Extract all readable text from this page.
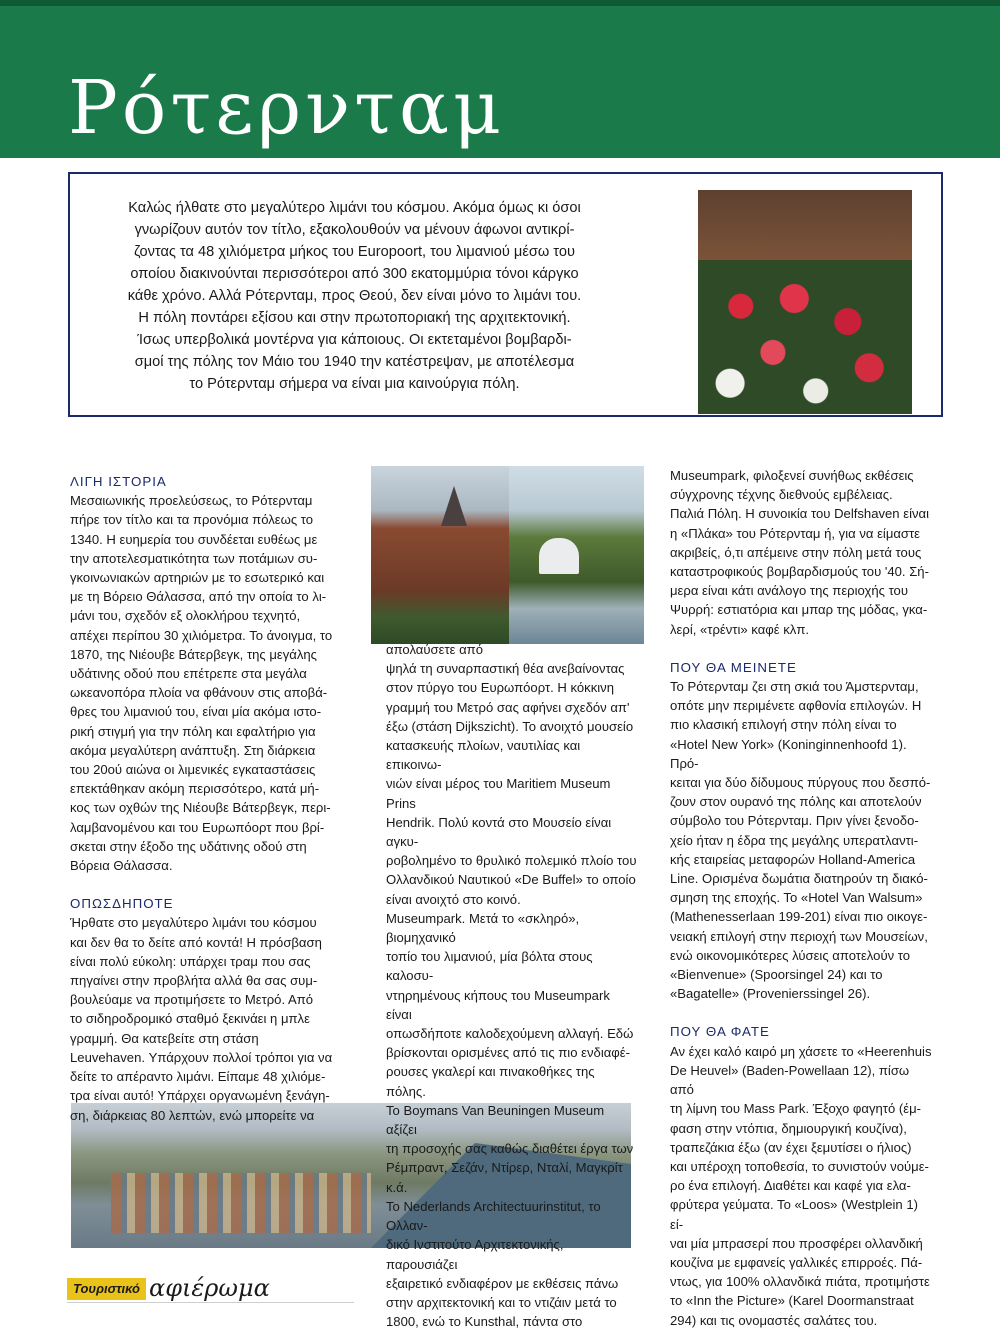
Ρότερνταμ
Καλώς ήλθατε στο μεγαλύτερο λιμάνι του κόσμου. Ακόμα όμως κι όσοι
γνωρίζουν αυτόν τον τίτλο, εξακολουθούν να μένουν άφωνοι αντικρί-
ζοντας τα 48 χιλιόμετρα μήκος του Europoort, του λιμανιού μέσω του
οποίου διακινούνται περισσότεροι από 300 εκατομμύρια τόνοι κάργκο
κάθε χρόνο. Αλλά Ρότερνταμ, προς Θεού, δεν είναι μόνο το λιμάνι του.
Η πόλη ποντάρει εξίσου και στην πρωτοποριακή της αρχιτεκτονική.
Ίσως υπερβολικά μοντέρνα για κάποιους. Οι εκτεταμένοι βομβαρδι-
σμοί της πόλης τον Μάιο του 1940 την κατέστρεψαν, με αποτέλεσμα
το Ρότερνταμ σήμερα να είναι μια καινούργια πόλη.

ΛΙΓΗ ΙΣΤΟΡΙΑ

Μεσαιωνικής προελεύσεως, το Ρότερνταμ

πήρε τον τίτλο και τα προνόμια πόλεως το

1340. Η ευημερία του συνδέεται ευθέως με

την αποτελεσματικότητα των ποτάμιων συ-

γκοινωνιακών αρτηριών με το εσωτερικό και

με τη Βόρειο Θάλασσα, από την οποία το λι-

μάνι του, σχεδόν εξ ολοκλήρου τεχνητό,

απέχει περίπου 30 χιλιόμετρα. Το άνοιγμα, το

1870, της Νιέουβε Βάτερβεγκ, της μεγάλης

υδάτινης οδού που επέτρεπε στα μεγάλα

ωκεανοπόρα πλοία να φθάνουν στις αποβά-

θρες του λιμανιού του, είναι μία ακόμα ιστο-

ρική στιγμή για την πόλη και εφαλτήριο για

ακόμα μεγαλύτερη ανάπτυξη. Στη διάρκεια

του 20ού αιώνα οι λιμενικές εγκαταστάσεις

επεκτάθηκαν ακόμη περισσότερο, κατά μή-

κος των οχθών της Νιέουβε Βάτερβεγκ, περι-

λαμβανομένου και του Ευρωπόορτ που βρί-

σκεται στην έξοδο της υδάτινης οδού στη

Βόρεια Θάλασσα.

ΟΠΩΣΔΗΠΟΤΕ

Ήρθατε στο μεγαλύτερο λιμάνι του κόσμου

και δεν θα το δείτε από κοντά! Η πρόσβαση

είναι πολύ εύκολη: υπάρχει τραμ που σας

πηγαίνει στην προβλήτα αλλά θα σας συμ-

βουλεύαμε να προτιμήσετε το Μετρό. Από

το σιδηροδρομικό σταθμό ξεκινάει η μπλε

γραμμή. Θα κατεβείτε στη στάση

Leuvehaven. Υπάρχουν πολλοί τρόποι για να

δείτε το απέραντο λιμάνι. Είπαμε 48 χιλιόμε-

τρα είναι αυτό! Υπάρχει οργανωμένη ξενάγη-

ση, διάρκειας 80 λεπτών, ενώ μπορείτε να

απολαύσετε από

ψηλά τη συναρπαστική θέα ανεβαίνοντας

στον πύργο του Ευρωπόορτ. Η κόκκινη

γραμμή του Μετρό σας αφήνει σχεδόν απ'

έξω (στάση Dijkszicht). Το ανοιχτό μουσείο

κατασκευής πλοίων, ναυτιλίας και επικοινω-

νιών είναι μέρος του Maritiem Museum Prins

Hendrik. Πολύ κοντά στο Μουσείο είναι αγκυ-

ροβολημένο το θρυλικό πολεμικό πλοίο του

Ολλανδικού Ναυτικού «De Buffel» το οποίο

είναι ανοιχτό στο κοινό.

Museumpark. Μετά το «σκληρό», βιομηχανικό

τοπίο του λιμανιού, μία βόλτα στους καλοσυ-

ντηρημένους κήπους του Museumpark είναι

οπωσδήποτε καλοδεχούμενη αλλαγή. Εδώ

βρίσκονται ορισμένες από τις πιο ενδιαφέ-

ρουσες γκαλερί και πινακοθήκες της πόλης.

Το Boymans Van Beuningen Museum αξίζει

τη προσοχής σας καθώς διαθέτει έργα των

Ρέμπραντ, Σεζάν, Ντίρερ, Νταλί, Μαγκρίτ κ.ά.

Το Nederlands Architectuurinstitut, το Ολλαν-

δικό Ινστιτούτο Αρχιτεκτονικής, παρουσιάζει

εξαιρετικό ενδιαφέρον με εκθέσεις πάνω

στην αρχιτεκτονική και το ντιζάιν μετά το

1800, ενώ το Kunsthal, πάντα στο

Museumpark, φιλοξενεί συνήθως εκθέσεις

σύγχρονης τέχνης διεθνούς εμβέλειας.

Παλιά Πόλη. Η συνοικία του Delfshaven είναι

η «Πλάκα» του Ρότερνταμ ή, για να είμαστε

ακριβείς, ό,τι απέμεινε στην πόλη μετά τους

καταστροφικούς βομβαρδισμούς του '40. Σή-

μερα είναι κάτι ανάλογο της περιοχής του

Ψυρρή: εστιατόρια και μπαρ της μόδας, γκα-

λερί, «τρέντι» καφέ κλπ.

ΠΟΥ ΘΑ ΜΕΙΝΕΤΕ

Το Ρότερνταμ ζει στη σκιά του Άμστερνταμ,

οπότε μην περιμένετε αφθονία επιλογών. Η

πιο κλασική επιλογή στην πόλη είναι το

«Hotel New York» (Koninginnenhoofd 1). Πρό-

κειται για δύο δίδυμους πύργους που δεσπό-

ζουν στον ουρανό της πόλης και αποτελούν

σύμβολο του Ρότερνταμ. Πριν γίνει ξενοδο-

χείο ήταν η έδρα της μεγάλης υπερατλαντι-

κής εταιρείας μεταφορών Holland-America

Line. Ορισμένα δωμάτια διατηρούν τη διακό-

σμηση της εποχής. Το «Hotel Van Walsum»

(Mathenesserlaan 199-201) είναι πιο οικογε-

νειακή επιλογή στην περιοχή των Μουσείων,

ενώ οικονομικότερες λύσεις αποτελούν το

«Bienvenue» (Spoorsingel 24) και το

«Bagatelle» (Provenierssingel 26).

ΠΟΥ ΘΑ ΦΑΤΕ

Αν έχει καλό καιρό μη χάσετε το «Heerenhuis

De Heuvel» (Baden-Powellaan 12), πίσω από

τη λίμνη του Mass Park. Έξοχο φαγητό (έμ-

φαση στην ντόπια, δημιουργική κουζίνα),

τραπεζάκια έξω (αν έχει ξεμυτίσει ο ήλιος)

και υπέροχη τοποθεσία, το συνιστούν νούμε-

ρο ένα επιλογή. Διαθέτει και καφέ για ελα-

φρύτερα γεύματα. Το «Loos» (Westplein 1) εί-

ναι μία μπρασερί που προσφέρει ολλανδική

κουζίνα με εμφανείς γαλλικές επιρροές. Πά-

ντως, για 100% ολλανδικά πιάτα, προτιμήστε

το «Inn the Picture» (Karel Doormanstraat

294) και τις ονομαστές σαλάτες του.

Τουριστικό αφιέρωμα
